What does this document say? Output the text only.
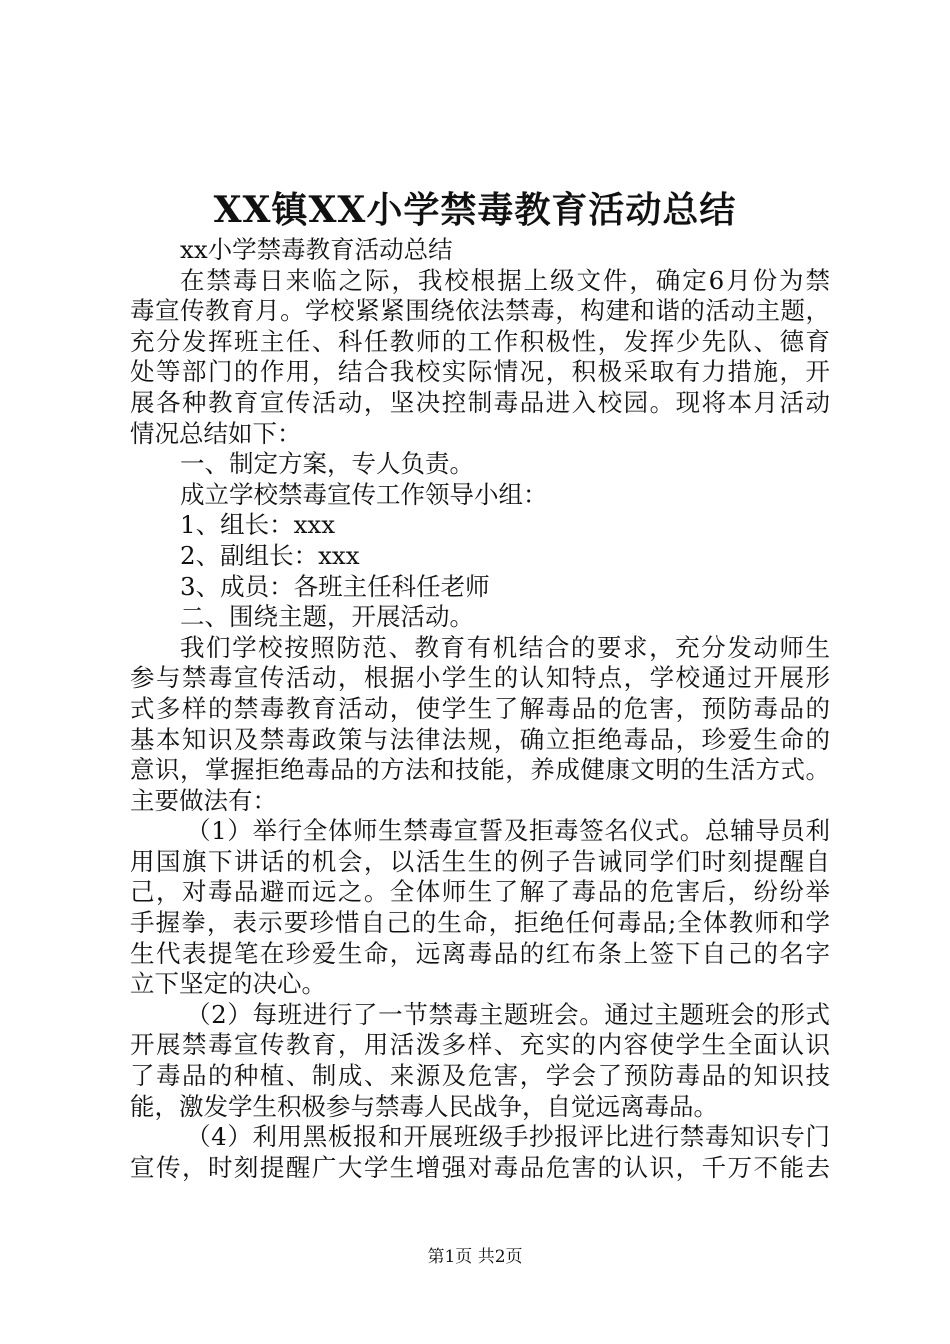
XX镇XX小学禁毒教育活动总结
xx小学禁毒教育活动总结
在禁毒日来临之际，我校根据上级文件，确定6月份为禁
毒宣传教育月。学校紧紧围绕依法禁毒，构建和谐的活动主题，
充分发挥班主任、科任教师的工作积极性，发挥少先队、德育
处等部门的作用，结合我校实际情况，积极采取有力措施，开
展各种教育宣传活动，坚决控制毒品进入校园。现将本月活动
情况总结如下：
一、制定方案，专人负责。
成立学校禁毒宣传工作领导小组：
1、组长：xxx
2、副组长：xxx
3、成员：各班主任科任老师
二、围绕主题，开展活动。
我们学校按照防范、教育有机结合的要求，充分发动师生
参与禁毒宣传活动，根据小学生的认知特点，学校通过开展形
式多样的禁毒教育活动，使学生了解毒品的危害，预防毒品的
基本知识及禁毒政策与法律法规，确立拒绝毒品，珍爱生命的
意识，掌握拒绝毒品的方法和技能，养成健康文明的生活方式。
主要做法有：
（1）举行全体师生禁毒宣誓及拒毒签名仪式。总辅导员利
用国旗下讲话的机会，以活生生的例子告诫同学们时刻提醒自
己，对毒品避而远之。全体师生了解了毒品的危害后，纷纷举
手握拳，表示要珍惜自己的生命，拒绝任何毒品;全体教师和学
生代表提笔在珍爱生命，远离毒品的红布条上签下自己的名字
立下坚定的决心。
（2）每班进行了一节禁毒主题班会。通过主题班会的形式
开展禁毒宣传教育，用活泼多样、充实的内容使学生全面认识
了毒品的种植、制成、来源及危害，学会了预防毒品的知识技
能，激发学生积极参与禁毒人民战争，自觉远离毒品。
（4）利用黑板报和开展班级手抄报评比进行禁毒知识专门
宣传，时刻提醒广大学生增强对毒品危害的认识，千万不能去
第1页 共2页
